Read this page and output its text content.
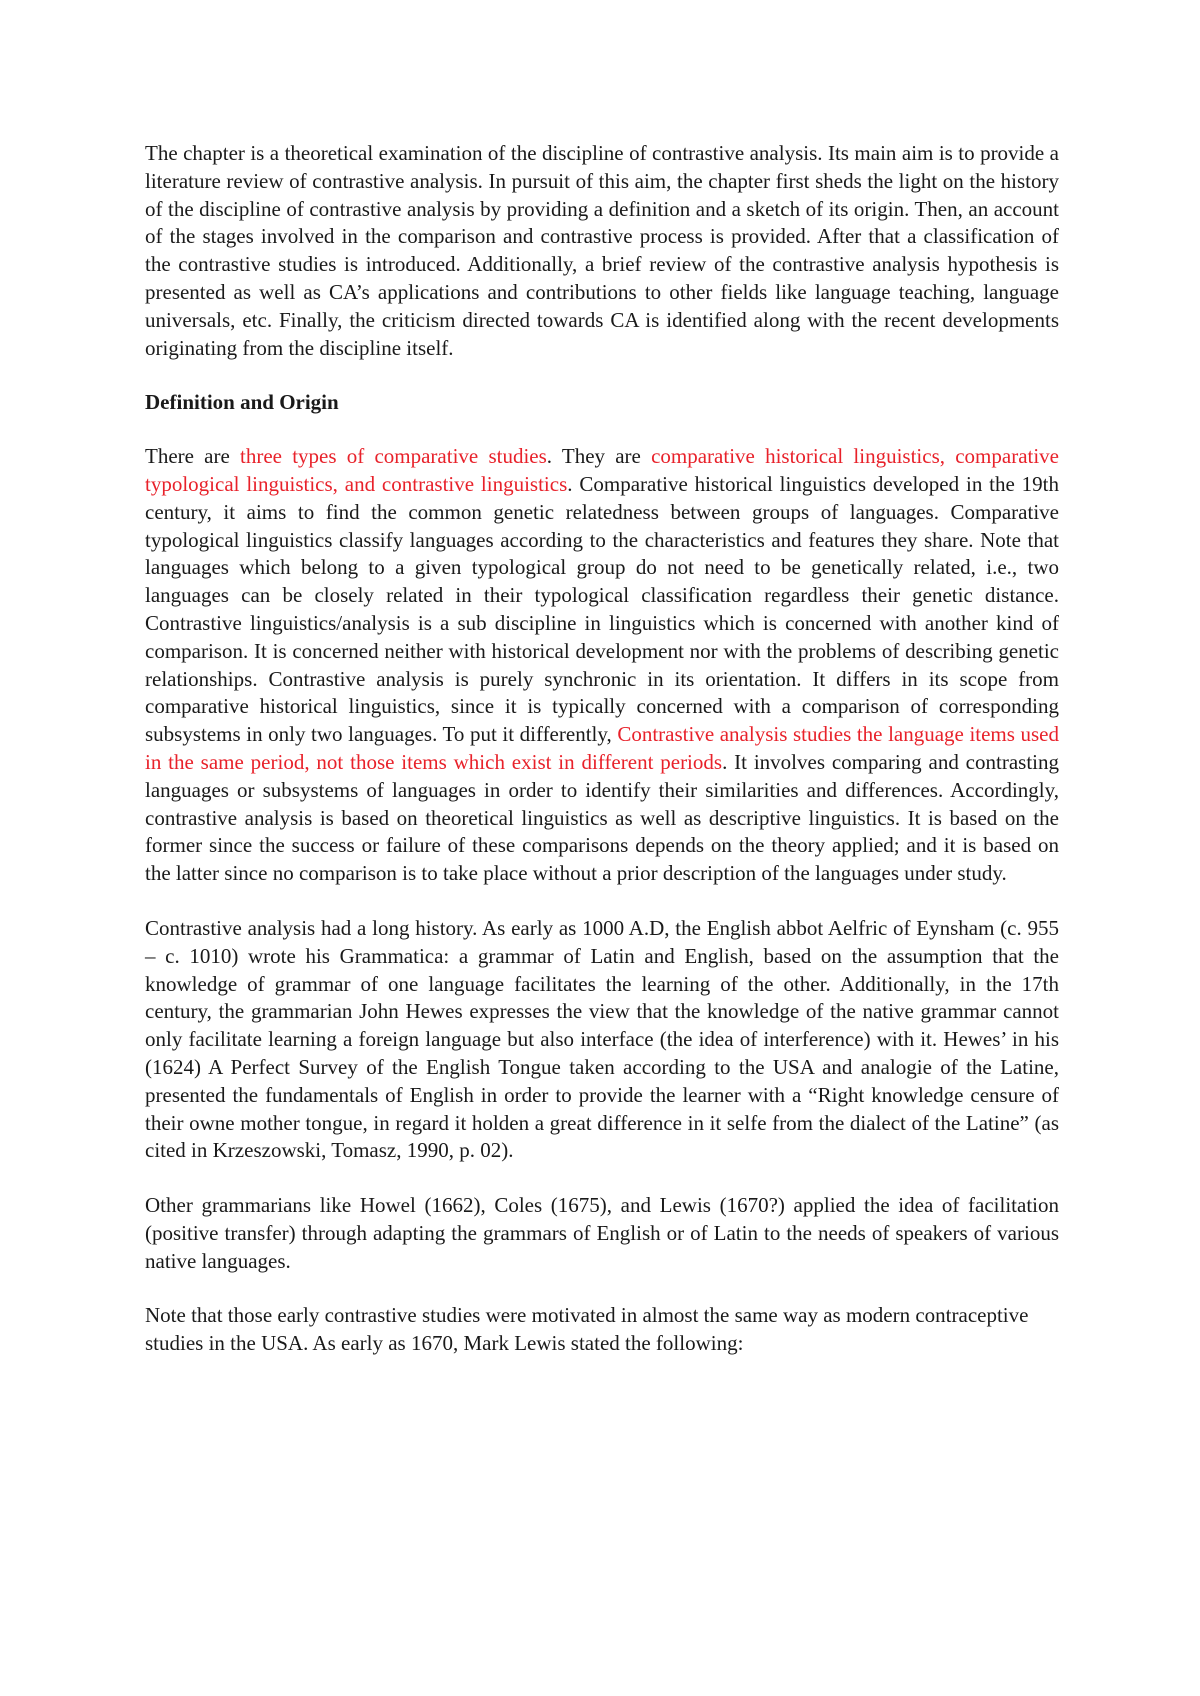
The chapter is a theoretical examination of the discipline of contrastive analysis. Its main aim is to provide a literature review of contrastive analysis. In pursuit of this aim, the chapter first sheds the light on the history of the discipline of contrastive analysis by providing a definition and a sketch of its origin. Then, an account of the stages involved in the comparison and contrastive process is provided. After that a classification of the contrastive studies is introduced. Additionally, a brief review of the contrastive analysis hypothesis is presented as well as CA’s applications and contributions to other fields like language teaching, language universals, etc. Finally, the criticism directed towards CA is identified along with the recent developments originating from the discipline itself.

Definition and Origin

There are three types of comparative studies. They are comparative historical linguistics, comparative typological linguistics, and contrastive linguistics. Comparative historical linguistics developed in the 19th century, it aims to find the common genetic relatedness between groups of languages. Comparative typological linguistics classify languages according to the characteristics and features they share. Note that languages which belong to a given typological group do not need to be genetically related, i.e., two languages can be closely related in their typological classification regardless their genetic distance. Contrastive linguistics/analysis is a sub discipline in linguistics which is concerned with another kind of comparison. It is concerned neither with historical development nor with the problems of describing genetic relationships. Contrastive analysis is purely synchronic in its orientation. It differs in its scope from comparative historical linguistics, since it is typically concerned with a comparison of corresponding subsystems in only two languages. To put it differently, Contrastive analysis studies the language items used in the same period, not those items which exist in different periods. It involves comparing and contrasting languages or subsystems of languages in order to identify their similarities and differences. Accordingly, contrastive analysis is based on theoretical linguistics as well as descriptive linguistics. It is based on the former since the success or failure of these comparisons depends on the theory applied; and it is based on the latter since no comparison is to take place without a prior description of the languages under study.

Contrastive analysis had a long history. As early as 1000 A.D, the English abbot Aelfric of Eynsham (c. 955 – c. 1010) wrote his Grammatica: a grammar of Latin and English, based on the assumption that the knowledge of grammar of one language facilitates the learning of the other. Additionally, in the 17th century, the grammarian John Hewes expresses the view that the knowledge of the native grammar cannot only facilitate learning a foreign language but also interface (the idea of interference) with it. Hewes’ in his (1624) A Perfect Survey of the English Tongue taken according to the USA and analogie of the Latine, presented the fundamentals of English in order to provide the learner with a “Right knowledge censure of their owne mother tongue, in regard it holden a great difference in it selfe from the dialect of the Latine” (as cited in Krzeszowski, Tomasz, 1990, p. 02).

Other grammarians like Howel (1662), Coles (1675), and Lewis (1670?) applied the idea of facilitation (positive transfer) through adapting the grammars of English or of Latin to the needs of speakers of various native languages.

Note that those early contrastive studies were motivated in almost the same way as modern contraceptive studies in the USA. As early as 1670, Mark Lewis stated the following:
